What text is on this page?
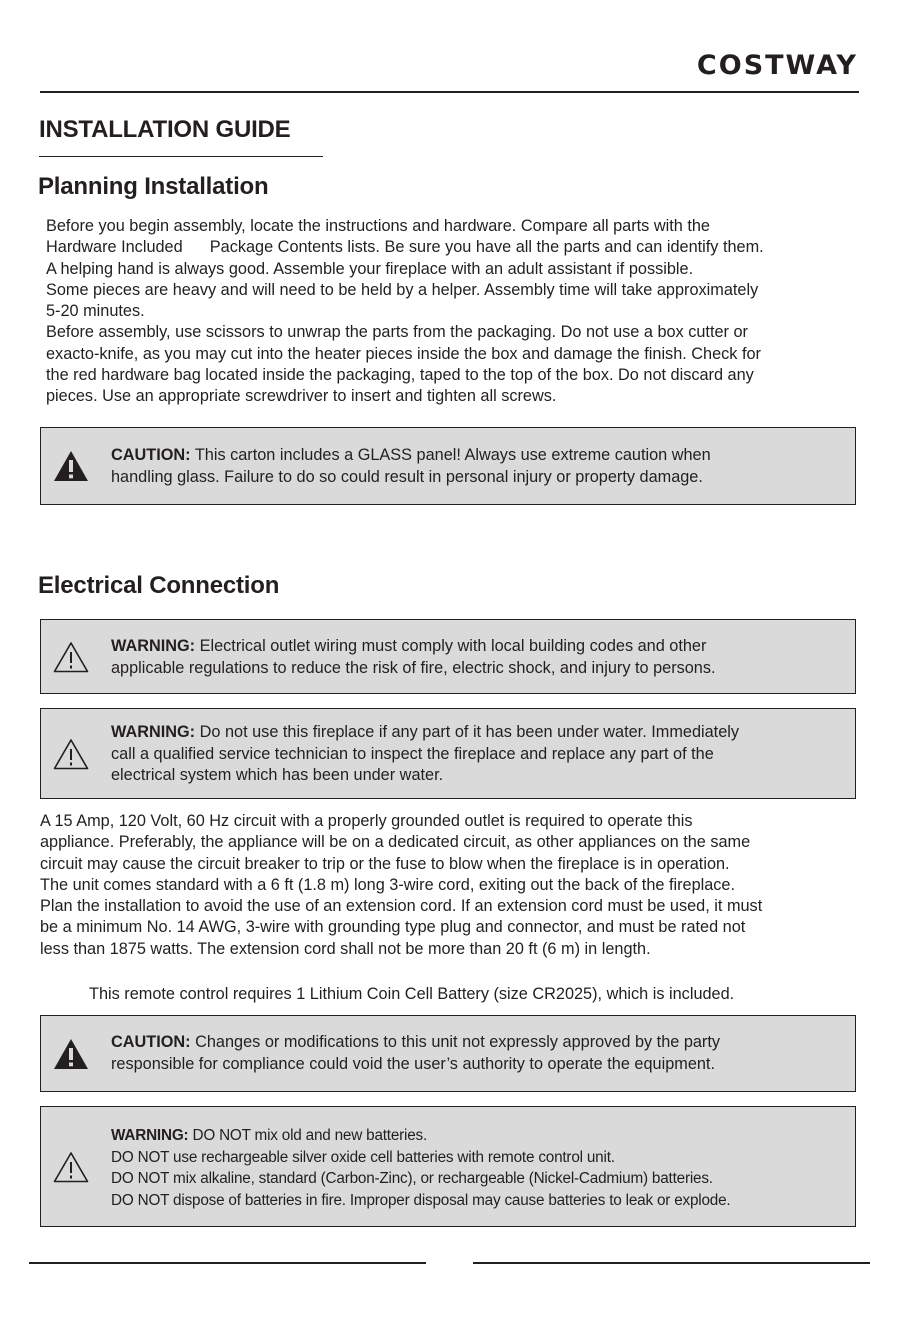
COSTWAY
INSTALLATION GUIDE
Planning Installation
Before you begin assembly, locate the instructions and hardware. Compare all parts with the
Hardware Included      Package Contents lists. Be sure you have all the parts and can identify them.
A helping hand is always good. Assemble your fireplace with an adult assistant if possible.
Some pieces are heavy and will need to be held by a helper. Assembly time will take approximately
5-20 minutes.
Before assembly, use scissors to unwrap the parts from the packaging. Do not use a box cutter or
exacto-knife, as you may cut into the heater pieces inside the box and damage the finish. Check for
the red hardware bag located inside the packaging, taped to the top of the box. Do not discard any
pieces. Use an appropriate screwdriver to insert and tighten all screws.
CAUTION: This carton includes a GLASS panel! Always use extreme caution when
handling glass. Failure to do so could result in personal injury or property damage.
Electrical Connection
WARNING: Electrical outlet wiring must comply with local building codes and other
applicable regulations to reduce the risk of fire, electric shock, and injury to persons.
WARNING: Do not use this fireplace if any part of it has been under water. Immediately
call a qualified service technician to inspect the fireplace and replace any part of the
electrical system which has been under water.
A 15 Amp, 120 Volt, 60 Hz circuit with a properly grounded outlet is required to operate this
appliance. Preferably, the appliance will be on a dedicated circuit, as other appliances on the same
circuit may cause the circuit breaker to trip or the fuse to blow when the fireplace is in operation.
The unit comes standard with a 6 ft (1.8 m) long 3-wire cord, exiting out the back of the fireplace.
Plan the installation to avoid the use of an extension cord. If an extension cord must be used, it must
be a minimum No. 14 AWG, 3-wire with grounding type plug and connector, and must be rated not
less than 1875 watts. The extension cord shall not be more than 20 ft (6 m) in length.

This remote control requires 1 Lithium Coin Cell Battery (size CR2025), which is included.

CAUTION: Changes or modifications to this unit not expressly approved by the party
responsible for compliance could void the user’s authority to operate the equipment.
WARNING: DO NOT mix old and new batteries.
DO NOT use rechargeable silver oxide cell batteries with remote control unit.
DO NOT mix alkaline, standard (Carbon-Zinc), or rechargeable (Nickel-Cadmium) batteries.
DO NOT dispose of batteries in fire. Improper disposal may cause batteries to leak or explode.
